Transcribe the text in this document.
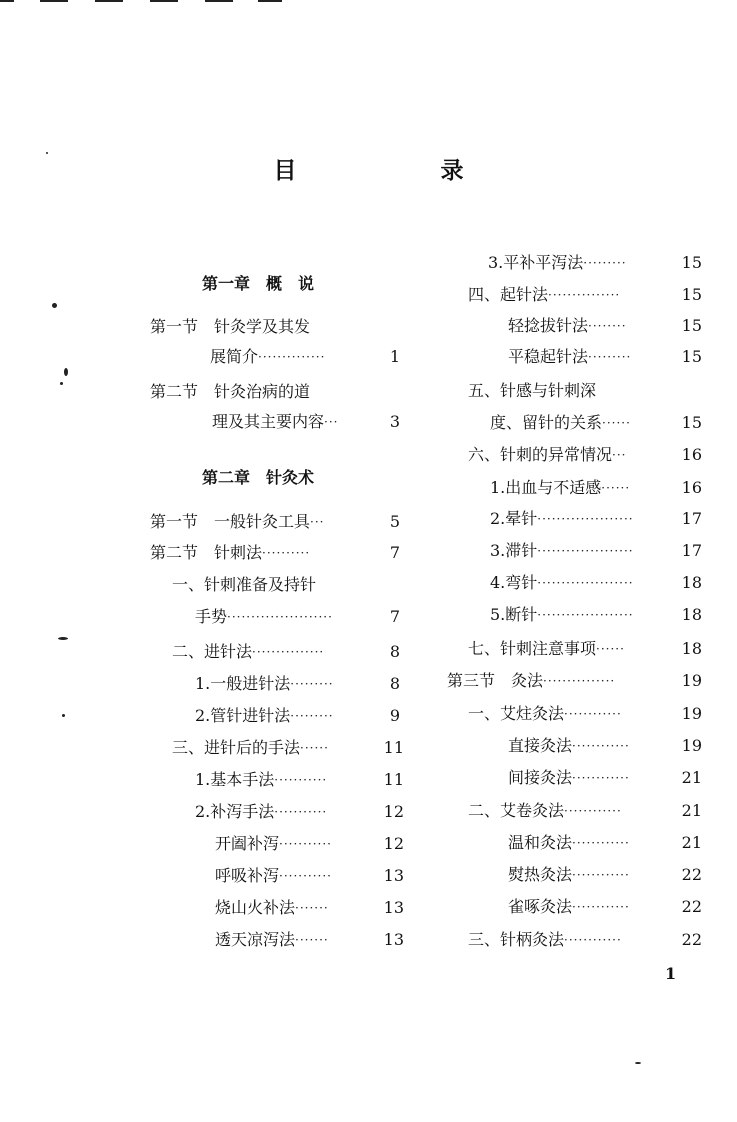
目 录
第一章　概　说
第一节　针灸学及其发
展简介 ··············	1
第二节　针灸治病的道
理及其主要内容 ···	3
第二章　针灸术
第一节　一般针灸工具 ···	5
第二节　针刺法 ··········	7
一、针刺准备及持针
手势 ······················	7
二、进针法 ···············	8
1.一般进针法 ·········	8
2.管针进针法 ·········	9
三、进针后的手法 ······	11
1.基本手法 ···········	11
2.补泻手法 ···········	12
开阖补泻 ···········	12
呼吸补泻 ···········	13
烧山火补法 ·······	13
透天凉泻法 ·······	13
3.平补平泻法 ·········	15
四、起针法 ···············	15
轻捻拔针法 ········	15
平稳起针法 ·········	15
五、针感与针刺深
度、留针的关系 ······	15
六、针刺的异常情况 ···	16
1.出血与不适感 ······	16
2.晕针 ····················	17
3.滞针 ····················	17
4.弯针 ····················	18
5.断针 ····················	18
七、针刺注意事项 ······	18
第三节　灸法 ···············	19
一、艾炷灸法 ············	19
直接灸法 ············	19
间接灸法 ············	21
二、艾卷灸法 ············	21
温和灸法 ············	21
熨热灸法 ············	22
雀啄灸法 ············	22
三、针柄灸法 ············	22
1
